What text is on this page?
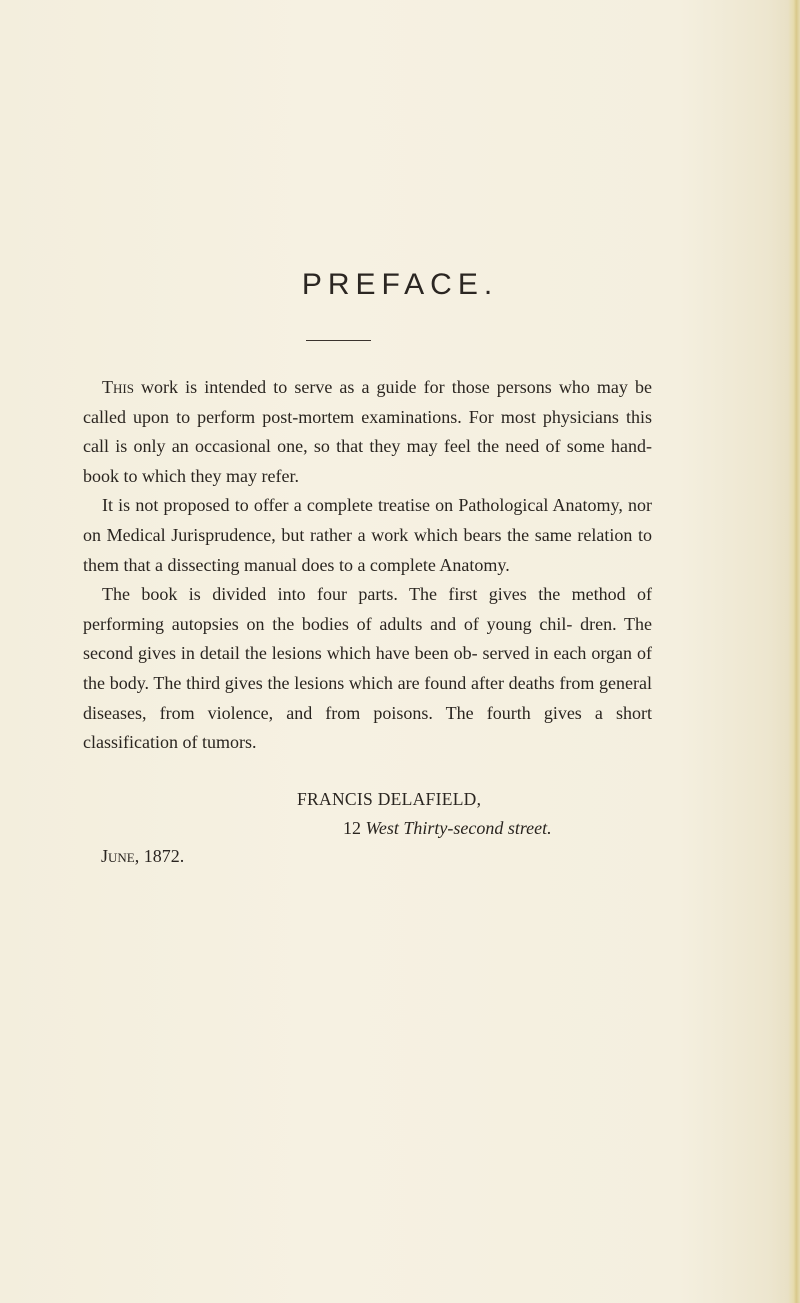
PREFACE.

This work is intended to serve as a guide for those persons who may be called upon to perform post-mortem examinations. For most physicians this call is only an occasional one, so that they may feel the need of some hand-book to which they may refer.

It is not proposed to offer a complete treatise on Pathological Anatomy, nor on Medical Jurisprudence, but rather a work which bears the same relation to them that a dissecting manual does to a complete Anatomy.

The book is divided into four parts. The first gives the method of performing autopsies on the bodies of adults and of young chil- dren. The second gives in detail the lesions which have been ob- served in each organ of the body. The third gives the lesions which are found after deaths from general diseases, from violence, and from poisons. The fourth gives a short classification of tumors.

FRANCIS DELAFIELD,

12 West Thirty-second street.

June, 1872.
